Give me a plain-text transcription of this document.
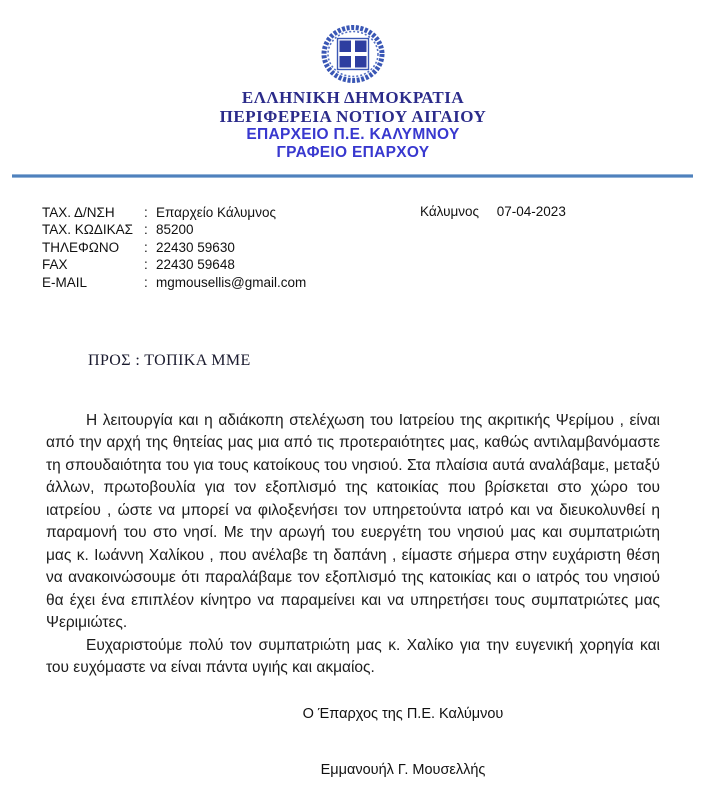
ΕΛΛΗΝΙΚΗ ΔΗΜΟΚΡΑΤΙΑ
ΠΕΡΙΦΕΡΕΙΑ ΝΟΤΙΟΥ ΑΙΓΑΙΟΥ
ΕΠΑΡΧΕΙΟ Π.Ε. ΚΑΛΥΜΝΟΥ
ΓΡΑΦΕΙΟ ΕΠΑΡΧΟΥ
ΤΑΧ. Δ/ΝΣΗ	: Επαρχείο Κάλυμνος
ΤΑΧ. ΚΩΔΙΚΑΣ : 85200
ΤΗΛΕΦΩΝΟ	: 22430 59630
FAX	: 22430 59648
E-MAIL	: mgmousellis@gmail.com
Κάλυμνος 07-04-2023
ΠΡΟΣ : ΤΟΠΙΚΑ ΜΜΕ

Η λειτουργία και η αδιάκοπη στελέχωση του Ιατρείου της ακριτικής Ψερίμου , είναι από την αρχή της θητείας μας μια από τις προτεραιότητες μας, καθώς αντιλαμβανόμαστε τη σπουδαιότητα του για τους κατοίκους του νησιού. Στα πλαίσια αυτά αναλάβαμε, μεταξύ άλλων, πρωτοβουλία για τον εξοπλισμό της κατοικίας που βρίσκεται στο χώρο του ιατρείου , ώστε να μπορεί να φιλοξενήσει τον υπηρετούντα ιατρό και να διευκολυνθεί η παραμονή του στο νησί. Με την αρωγή του ευεργέτη του νησιού μας και συμπατριώτη μας κ. Ιωάννη Χαλίκου , που ανέλαβε τη δαπάνη , είμαστε σήμερα στην ευχάριστη θέση να ανακοινώσουμε ότι παραλάβαμε τον εξοπλισμό της κατοικίας και ο ιατρός του νησιού θα έχει ένα επιπλέον κίνητρο να παραμείνει και να υπηρετήσει τους συμπατριώτες μας Ψεριμιώτες.

Ευχαριστούμε πολύ τον συμπατριώτη μας κ. Χαλίκο για την ευγενική χορηγία και του ευχόμαστε να είναι πάντα υγιής και ακμαίος.

Ο Έπαρχος της Π.Ε. Καλύμνου
Εμμανουήλ Γ. Μουσελλής
